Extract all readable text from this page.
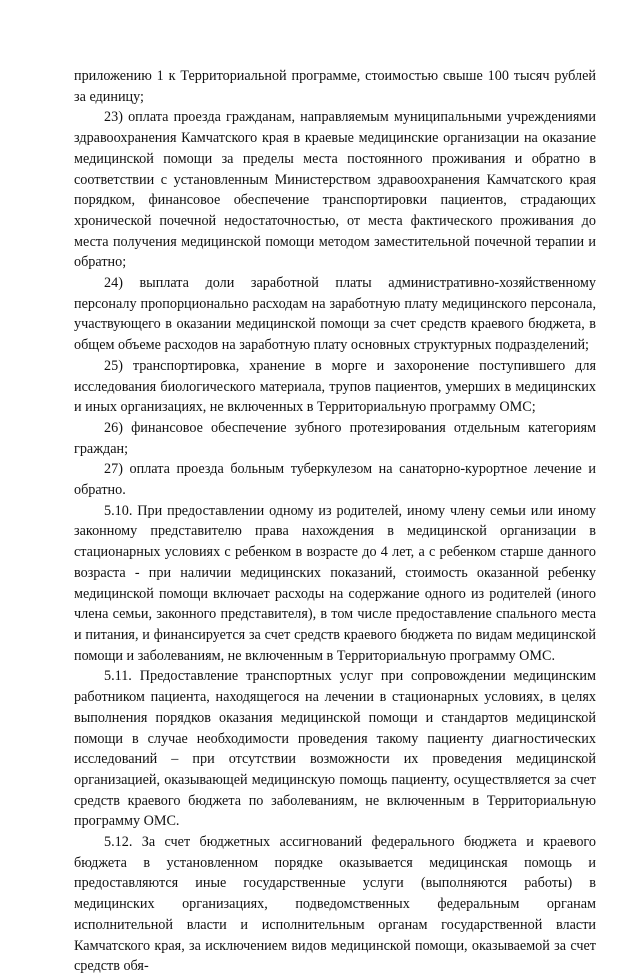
приложению 1 к Территориальной программе, стоимостью свыше 100 тысяч рублей за единицу;

23) оплата проезда гражданам, направляемым муниципальными учреждениями здравоохранения Камчатского края в краевые медицинские организации на оказание медицинской помощи за пределы места постоянного проживания и обратно в соответствии с установленным Министерством здравоохранения Камчатского края порядком, финансовое обеспечение транспортировки пациентов, страдающих хронической почечной недостаточностью, от места фактического проживания до места получения медицинской помощи методом заместительной почечной терапии и обратно;

24) выплата доли заработной платы административно-хозяйственному персоналу пропорционально расходам на заработную плату медицинского персонала, участвующего в оказании медицинской помощи за счет средств краевого бюджета, в общем объеме расходов на заработную плату основных структурных подразделений;

25) транспортировка, хранение в морге и захоронение поступившего для исследования биологического материала, трупов пациентов, умерших в медицинских и иных организациях, не включенных в Территориальную программу ОМС;

26) финансовое обеспечение зубного протезирования отдельным категориям граждан;

27) оплата проезда больным туберкулезом на санаторно-курортное лечение и обратно.

5.10. При предоставлении одному из родителей, иному члену семьи или иному законному представителю права нахождения в медицинской организации в стационарных условиях с ребенком в возрасте до 4 лет, а с ребенком старше данного возраста - при наличии медицинских показаний, стоимость оказанной ребенку медицинской помощи включает расходы на содержание одного из родителей (иного члена семьи, законного представителя), в том числе предоставление спального места и питания, и финансируется за счет средств краевого бюджета по видам медицинской помощи и заболеваниям, не включенным в Территориальную программу ОМС.

5.11. Предоставление транспортных услуг при сопровождении медицинским работником пациента, находящегося на лечении в стационарных условиях, в целях выполнения порядков оказания медицинской помощи и стандартов медицинской помощи в случае необходимости проведения такому пациенту диагностических исследований – при отсутствии возможности их проведения медицинской организацией, оказывающей медицинскую помощь пациенту, осуществляется за счет средств краевого бюджета по заболеваниям, не включенным в Территориальную программу ОМС.

5.12. За счет бюджетных ассигнований федерального бюджета и краевого бюджета в установленном порядке оказывается медицинская помощь и предоставляются иные государственные услуги (выполняются работы) в медицинских организациях, подведомственных федеральным органам исполнительной власти и исполнительным органам государственной власти Камчатского края, за исключением видов медицинской помощи, оказываемой за счет средств обя-
